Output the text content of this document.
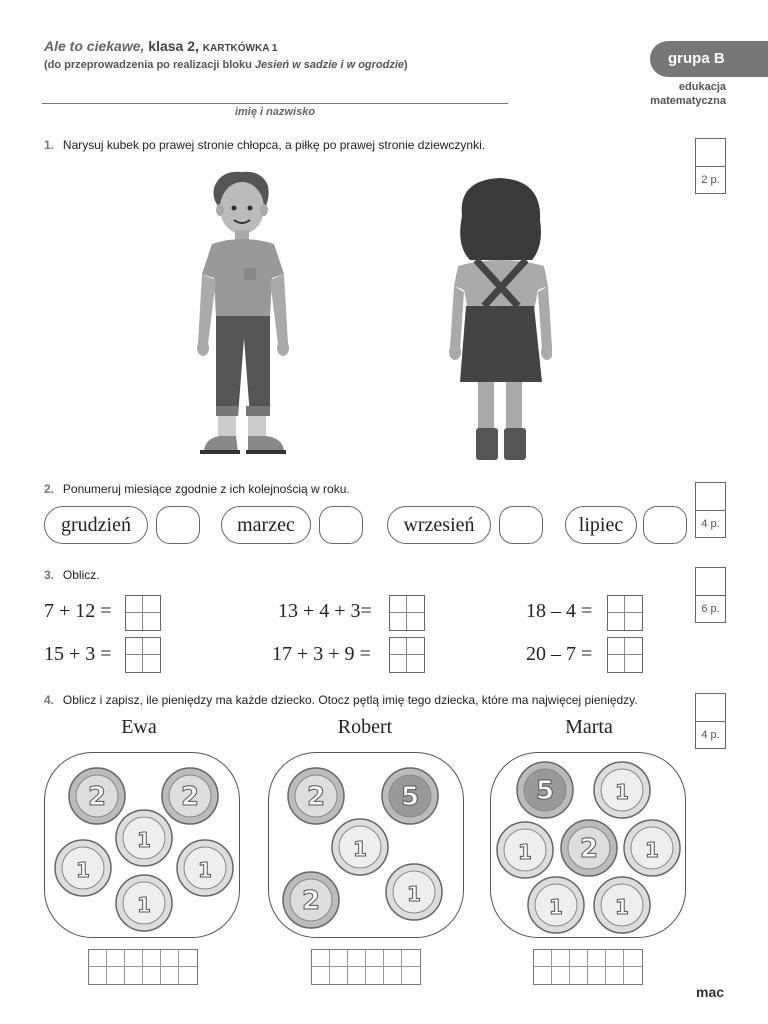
Ale to ciekawe, klasa 2, KARTKÓWKA 1
(do przeprowadzenia po realizacji bloku Jesień w sadzie i w ogrodzie)
imię i nazwisko
grupa B
edukacja
matematyczna
1. Narysuj kubek po prawej stronie chłopca, a piłkę po prawej stronie dziewczynki.
2 p.
2. Ponumeruj miesiące zgodnie z ich kolejnością w roku.
4 p.
grudzień	marzec	wrzesień	lipiec
3. Oblicz.
6 p.
7 + 12 =	13 + 4 + 3=	18 – 4 =
15 + 3 =	17 + 3 + 9 =	20 – 7 =
4. Oblicz i zapisz, ile pieniędzy ma każde dziecko. Otocz pętlą imię tego dziecka, które ma najwięcej pieniędzy.
4 p.
Ewa	Robert	Marta
2	2
1
1	1
1
2	5
1
2	1
5	1
1 2 1
1	1
mac
